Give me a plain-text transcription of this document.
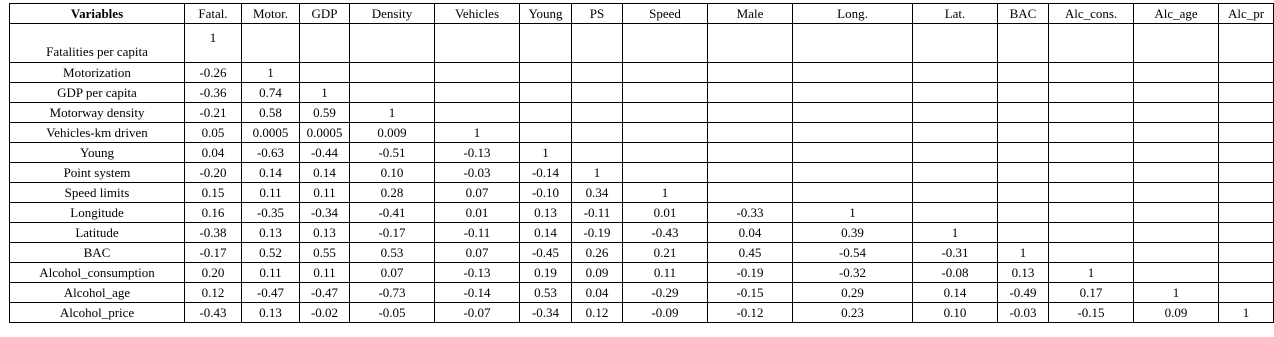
Variables	Fatal.	Motor.	GDP	Density	Vehicles	Young	PS	Speed	Male	Long.	Lat.	BAC	Alc_cons.	Alc_age	Alc_pr
Fatalities per capita	1														
Motorization	-0.26	1													
GDP per capita	-0.36	0.74	1												
Motorway density	-0.21	0.58	0.59	1											
Vehicles-km driven	0.05	0.0005	0.0005	0.009	1										
Young	0.04	-0.63	-0.44	-0.51	-0.13	1									
Point system	-0.20	0.14	0.14	0.10	-0.03	-0.14	1								
Speed limits	0.15	0.11	0.11	0.28	0.07	-0.10	0.34	1							
Longitude	0.16	-0.35	-0.34	-0.41	0.01	0.13	-0.11	0.01	-0.33	1					
Latitude	-0.38	0.13	0.13	-0.17	-0.11	0.14	-0.19	-0.43	0.04	0.39	1				
BAC	-0.17	0.52	0.55	0.53	0.07	-0.45	0.26	0.21	0.45	-0.54	-0.31	1			
Alcohol_consumption	0.20	0.11	0.11	0.07	-0.13	0.19	0.09	0.11	-0.19	-0.32	-0.08	0.13	1		
Alcohol_age	0.12	-0.47	-0.47	-0.73	-0.14	0.53	0.04	-0.29	-0.15	0.29	0.14	-0.49	0.17	1	
Alcohol_price	-0.43	0.13	-0.02	-0.05	-0.07	-0.34	0.12	-0.09	-0.12	0.23	0.10	-0.03	-0.15	0.09	1
